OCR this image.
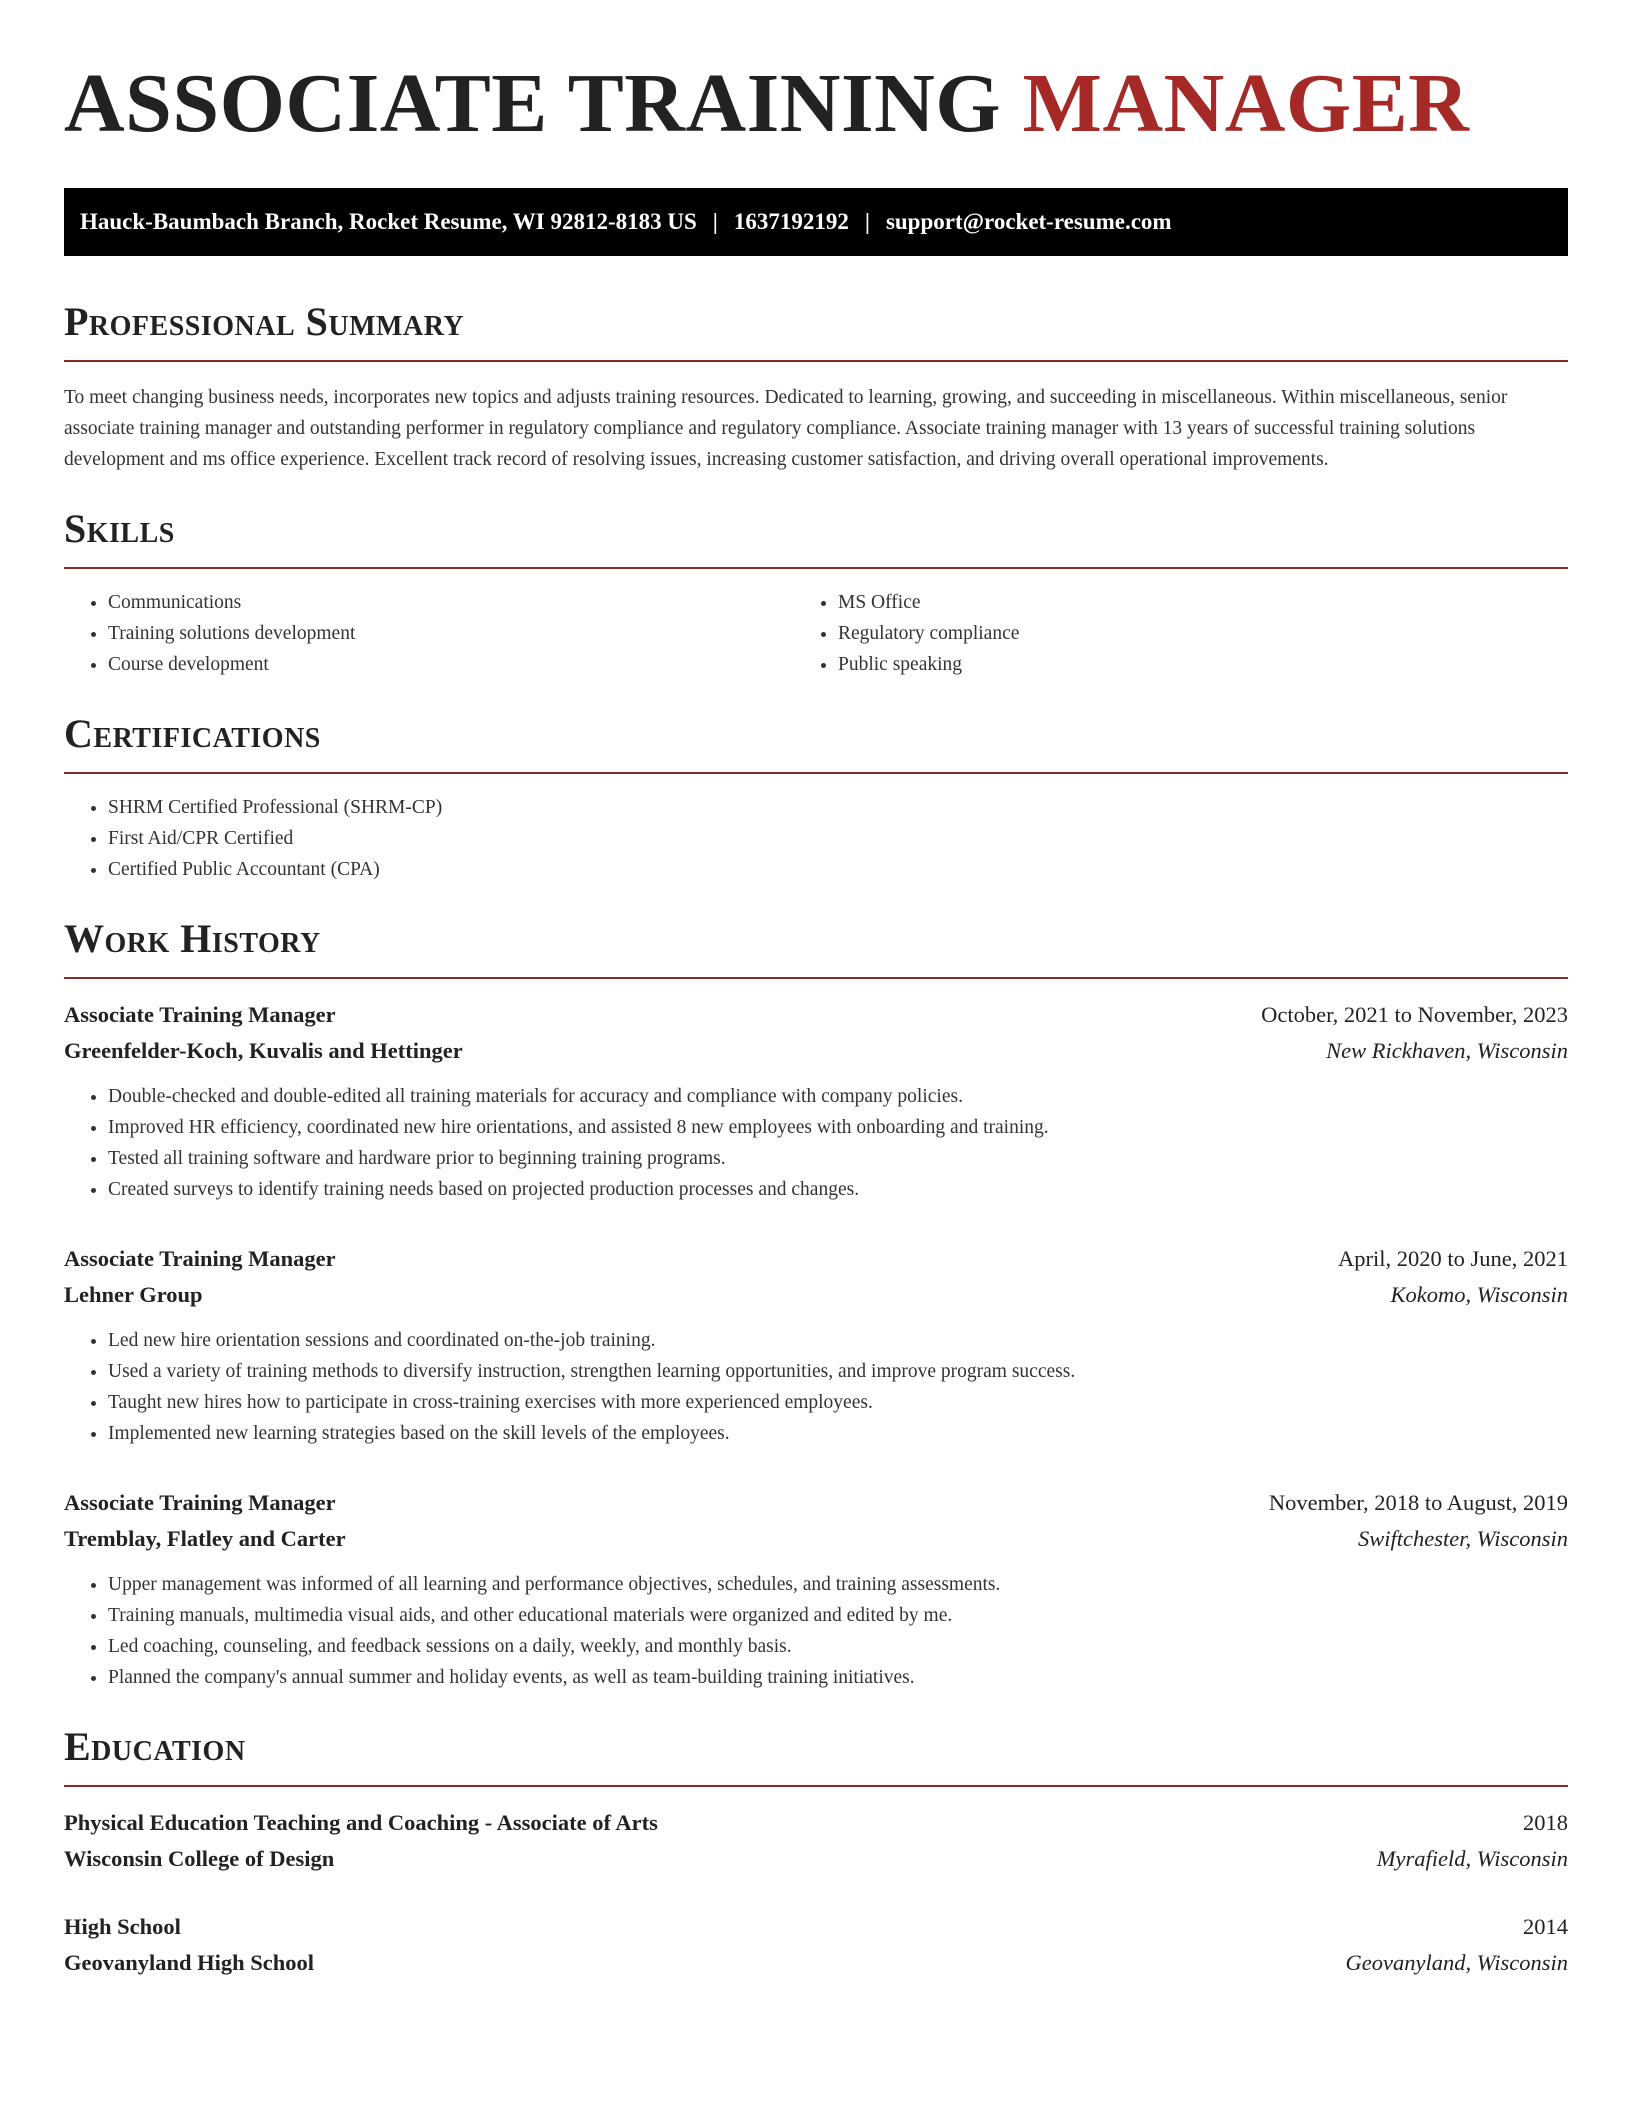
ASSOCIATE TRAINING MANAGER
Hauck-Baumbach Branch, Rocket Resume, WI 92812-8183 US | 1637192192 | support@rocket-resume.com
Professional Summary

To meet changing business needs, incorporates new topics and adjusts training resources. Dedicated to learning, growing, and succeeding in miscellaneous. Within miscellaneous, senior associate training manager and outstanding performer in regulatory compliance and regulatory compliance. Associate training manager with 13 years of successful training solutions development and ms office experience. Excellent track record of resolving issues, increasing customer satisfaction, and driving overall operational improvements.

Skills
• Communications
• Training solutions development
• Course development
• MS Office
• Regulatory compliance
• Public speaking
Certifications
• SHRM Certified Professional (SHRM-CP)
• First Aid/CPR Certified
• Certified Public Accountant (CPA)
Work History
Associate Training Manager	October, 2021 to November, 2023
Greenfelder-Koch, Kuvalis and Hettinger	New Rickhaven, Wisconsin
• Double-checked and double-edited all training materials for accuracy and compliance with company policies.
• Improved HR efficiency, coordinated new hire orientations, and assisted 8 new employees with onboarding and training.
• Tested all training software and hardware prior to beginning training programs.
• Created surveys to identify training needs based on projected production processes and changes.
Associate Training Manager	April, 2020 to June, 2021
Lehner Group	Kokomo, Wisconsin
• Led new hire orientation sessions and coordinated on-the-job training.
• Used a variety of training methods to diversify instruction, strengthen learning opportunities, and improve program success.
• Taught new hires how to participate in cross-training exercises with more experienced employees.
• Implemented new learning strategies based on the skill levels of the employees.
Associate Training Manager	November, 2018 to August, 2019
Tremblay, Flatley and Carter	Swiftchester, Wisconsin
• Upper management was informed of all learning and performance objectives, schedules, and training assessments.
• Training manuals, multimedia visual aids, and other educational materials were organized and edited by me.
• Led coaching, counseling, and feedback sessions on a daily, weekly, and monthly basis.
• Planned the company's annual summer and holiday events, as well as team-building training initiatives.
Education
Physical Education Teaching and Coaching - Associate of Arts	2018
Wisconsin College of Design	Myrafield, Wisconsin
High School	2014
Geovanyland High School	Geovanyland, Wisconsin
